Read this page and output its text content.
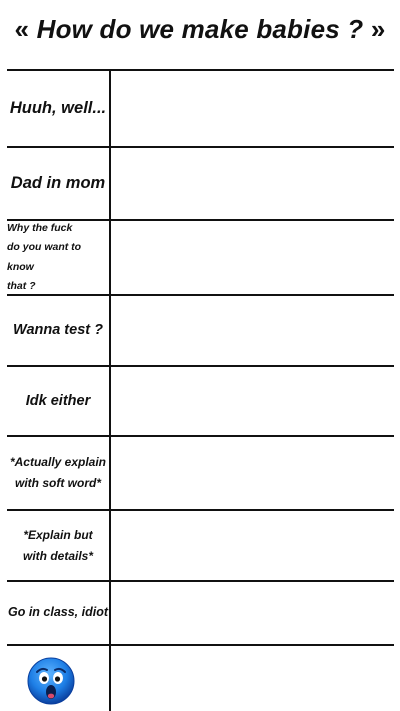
« How do we make babies ? »
Huuh, well...
Dad in mom
Why the fuck
do you want to know
that ?
Wanna test ?
Idk either
*Actually explain
with soft word*
*Explain but
with details*
Go in class, idiot
